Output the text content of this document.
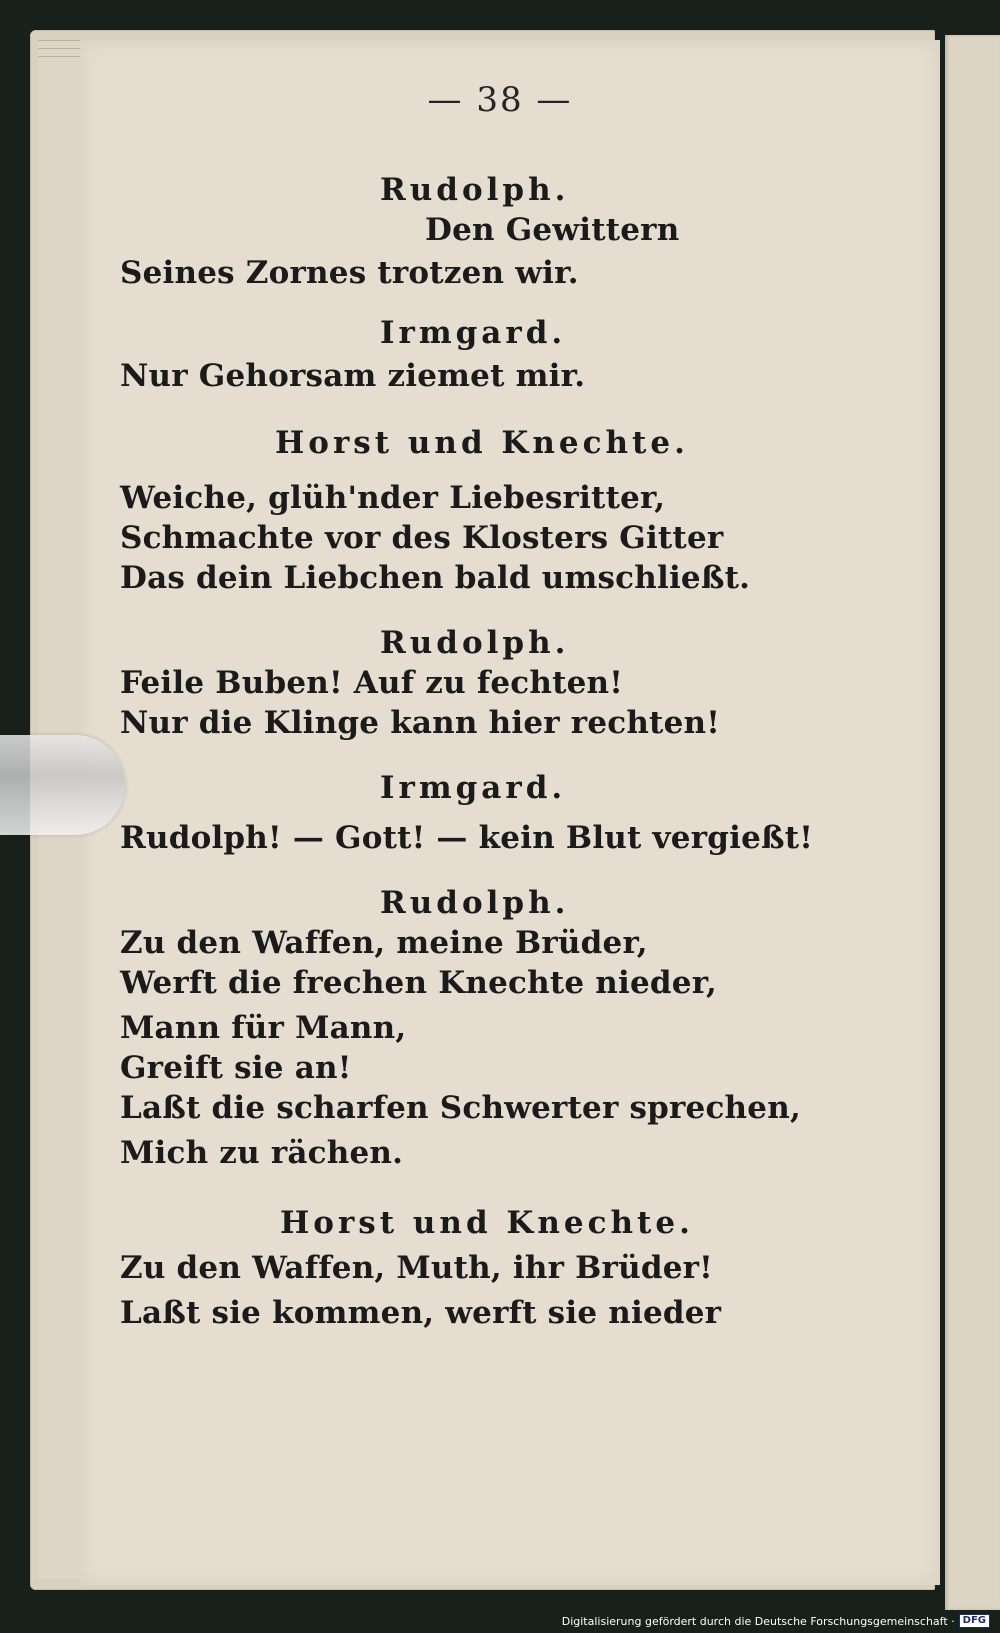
— 38 —
Rudolph.
Den Gewittern
Seines Zornes trotzen wir.
Irmgard.
Nur Gehorsam ziemet mir.
Horst und Knechte.
Weiche, glüh'nder Liebesritter,
Schmachte vor des Klosters Gitter
Das dein Liebchen bald umschließt.
Rudolph.
Feile Buben! Auf zu fechten!
Nur die Klinge kann hier rechten!
Irmgard.
Rudolph! — Gott! — kein Blut vergießt!
Rudolph.
Zu den Waffen, meine Brüder,
Werft die frechen Knechte nieder,
Mann für Mann,
Greift sie an!
Laßt die scharfen Schwerter sprechen,
Mich zu rächen.
Horst und Knechte.
Zu den Waffen, Muth, ihr Brüder!
Laßt sie kommen, werft sie nieder
Digitalisierung gefördert durch die Deutsche Forschungsgemeinschaft · DFG
